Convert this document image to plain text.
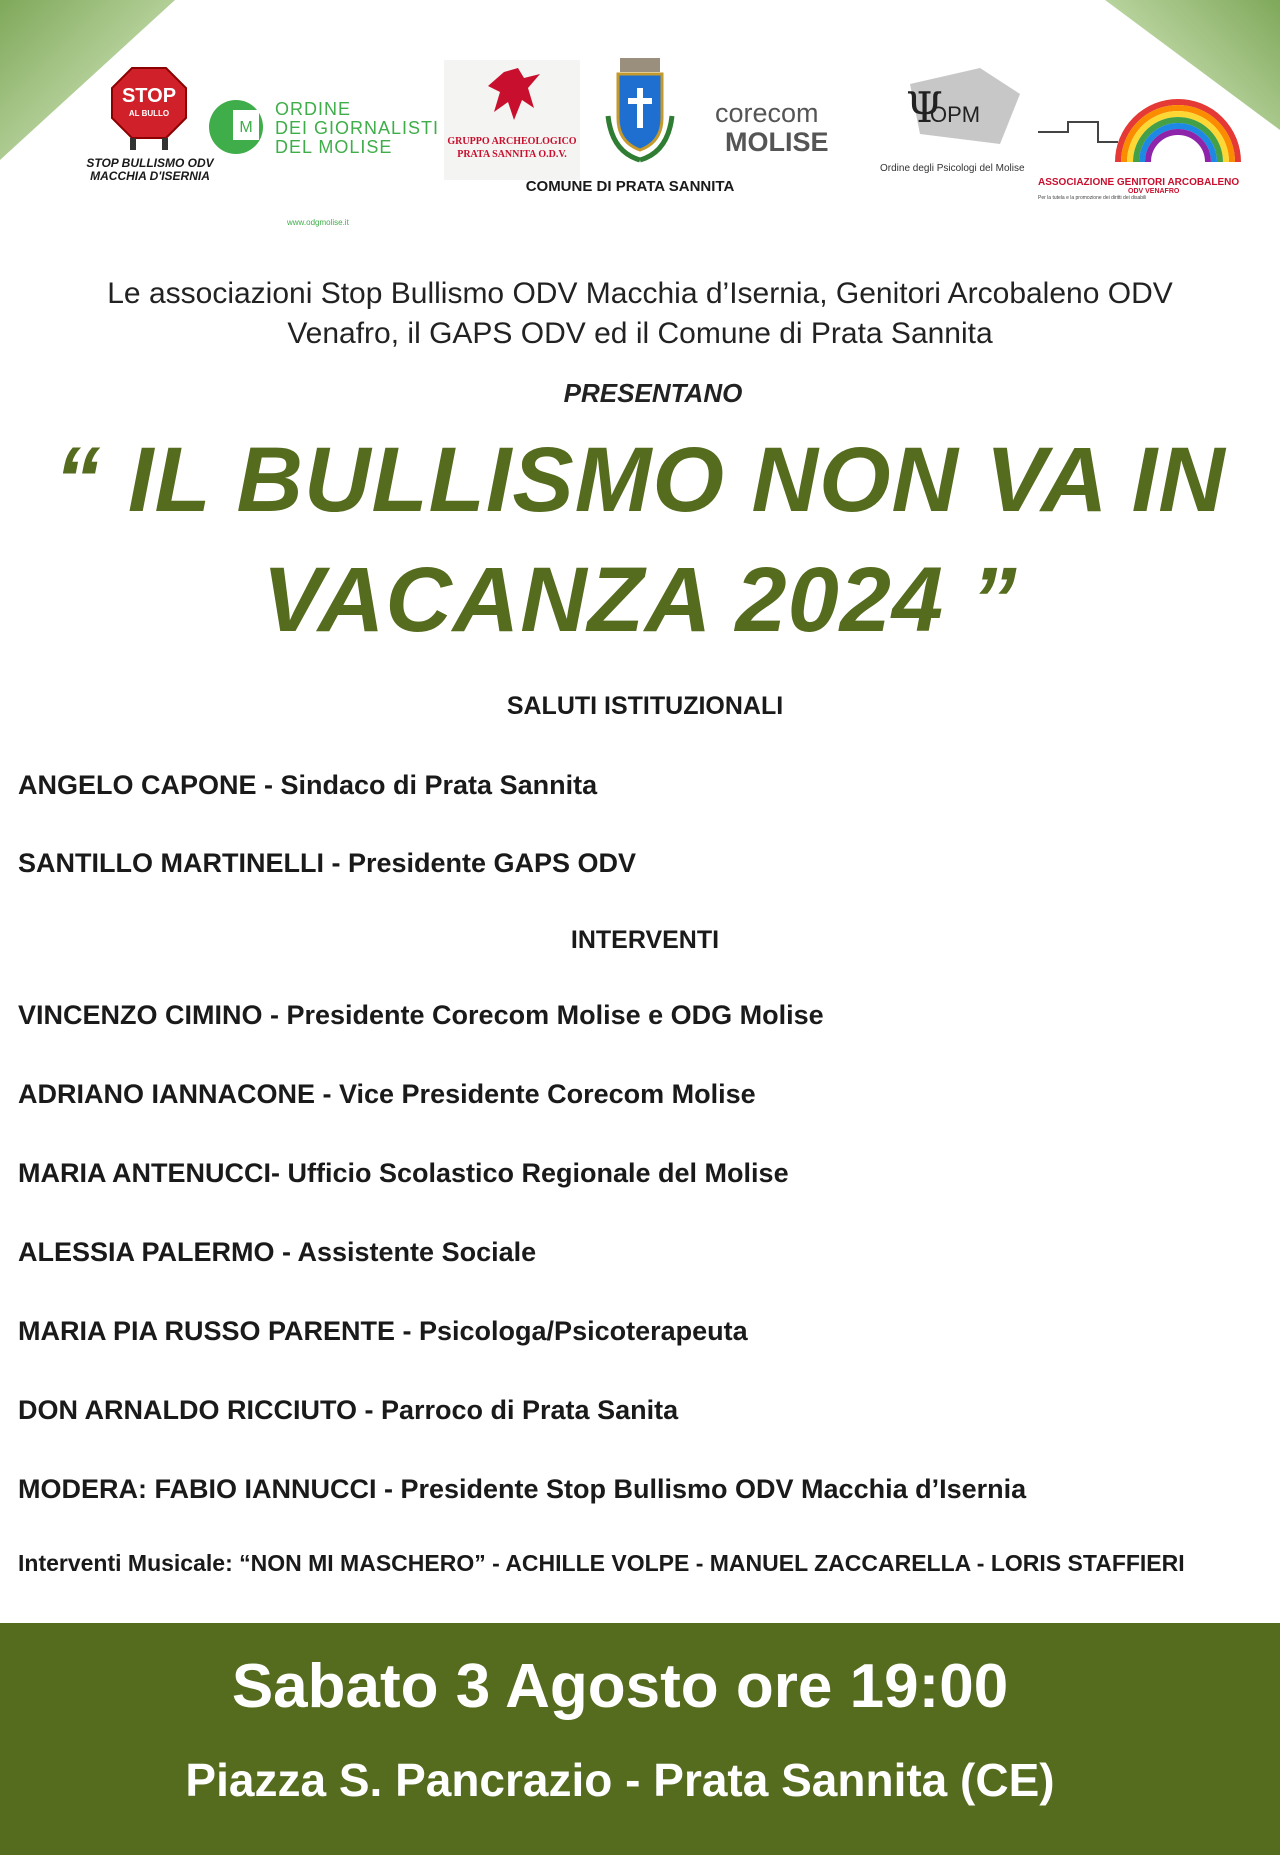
STOP
AL BULLO
STOP BULLISMO ODV
MACCHIA D'ISERNIA
M
ORDINE
DEI GIORNALISTI
DEL MOLISE
www.odgmolise.it
GRUPPO ARCHEOLOGICO
PRATA SANNITA O.D.V.
COMUNE DI PRATA SANNITA
corecom
MOLISE
Ψ
OPM
Ordine degli Psicologi del Molise
ASSOCIAZIONE GENITORI ARCOBALENO
ODV VENAFRO
Per la tutela e la promozione dei diritti dei disabili
Le associazioni Stop Bullismo ODV Macchia d’Isernia, Genitori Arcobaleno ODV
Venafro, il GAPS ODV ed il Comune di Prata Sannita
PRESENTANO
“ IL BULLISMO NON VA IN
VACANZA 2024 ”
SALUTI ISTITUZIONALI
ANGELO CAPONE - Sindaco di Prata Sannita
SANTILLO MARTINELLI - Presidente GAPS ODV
INTERVENTI
VINCENZO CIMINO - Presidente Corecom Molise e ODG Molise
ADRIANO IANNACONE - Vice Presidente Corecom Molise
MARIA ANTENUCCI- Ufficio Scolastico Regionale del Molise
ALESSIA PALERMO - Assistente Sociale
MARIA PIA RUSSO PARENTE - Psicologa/Psicoterapeuta
DON ARNALDO RICCIUTO - Parroco di Prata Sanita
MODERA: FABIO IANNUCCI - Presidente Stop Bullismo ODV Macchia d’Isernia
Interventi Musicale: “NON MI MASCHERO” - ACHILLE VOLPE - MANUEL ZACCARELLA - LORIS STAFFIERI
Sabato 3 Agosto ore 19:00
Piazza S. Pancrazio - Prata Sannita (CE)
